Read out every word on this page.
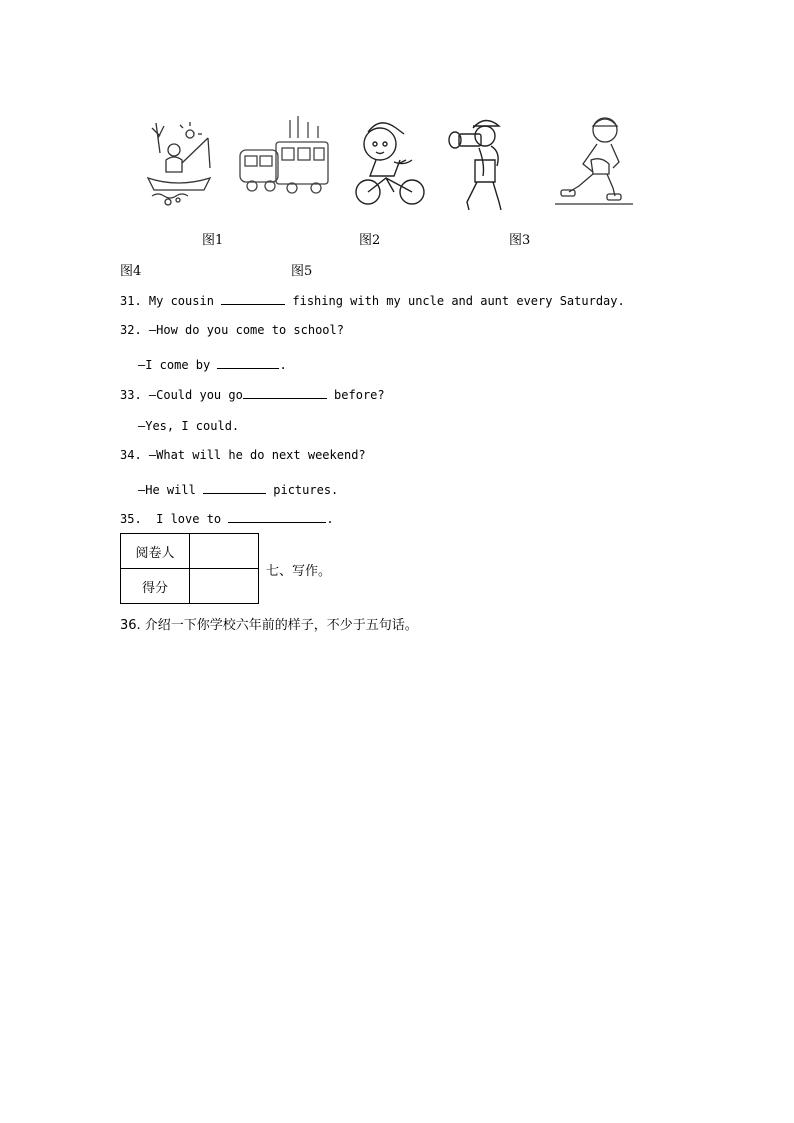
图1	图2	图3
图4	图5
31. My cousin	fishing with my uncle and aunt every Saturday.
32. —How do you come to school?
—I come by	.
33. —Could you go	before?
—Yes, I could.
34. —What will he do next weekend?
—He will	pictures.
35.  I love to	.
阅卷人	
得分	
七、写作。
36. 介绍一下你学校六年前的样子，不少于五句话。
